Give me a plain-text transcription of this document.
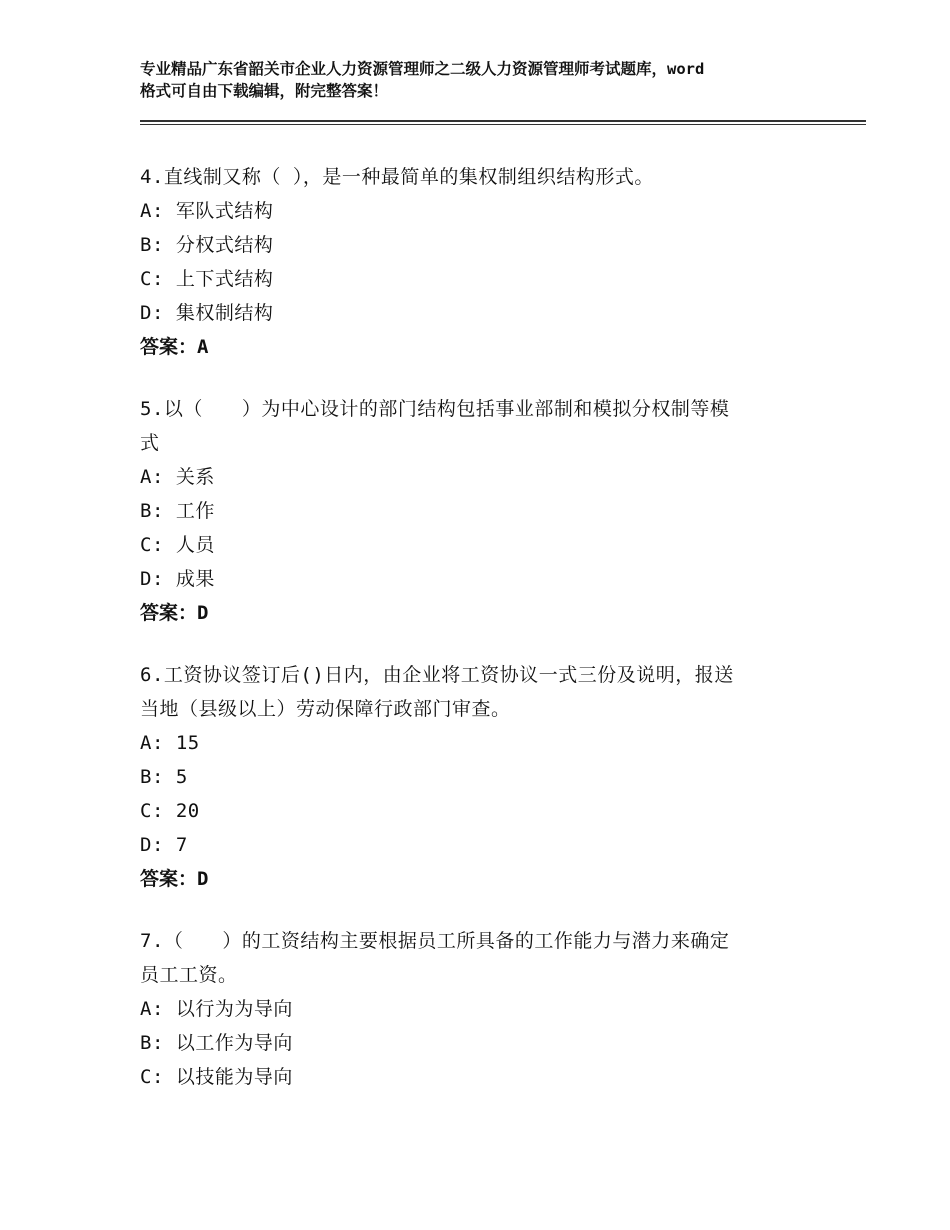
专业精品广东省韶关市企业人力资源管理师之二级人力资源管理师考试题库，word
格式可自由下载编辑，附完整答案！
4.直线制又称（ ），是一种最简单的集权制组织结构形式。
A: 军队式结构
B: 分权式结构
C: 上下式结构
D: 集权制结构
答案：A
5.以（　　）为中心设计的部门结构包括事业部制和模拟分权制等模
式
A: 关系
B: 工作
C: 人员
D: 成果
答案：D
6.工资协议签订后()日内，由企业将工资协议一式三份及说明，报送
当地（县级以上）劳动保障行政部门审查。
A: 15
B: 5
C: 20
D: 7
答案：D
7.（　　）的工资结构主要根据员工所具备的工作能力与潜力来确定
员工工资。
A: 以行为为导向
B: 以工作为导向
C: 以技能为导向
